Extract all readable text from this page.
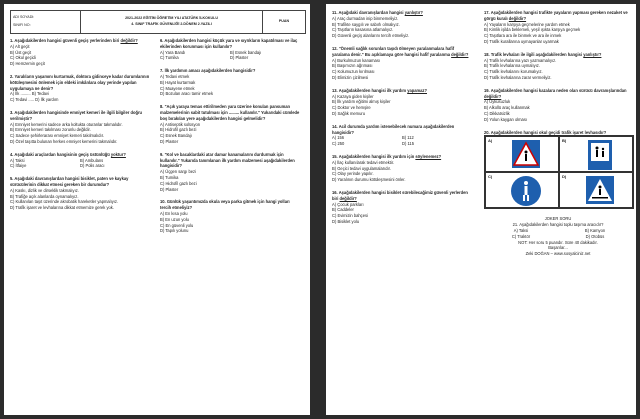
ADI SOYADI:
SINIFI NO:
2021-2022 EĞİTİM ÖĞRETİM YILI ATATÜRK İLKOKULU
4. SINIF TRAFİK GÜVENLİĞİ 2.DÖNEM 2.YAZILI
PUAN
1. Aşağıdakilerden hangisi güvenli geçiş yerlerinden biri değildir?
A) Alt geçit
B) Üst geçit
C) Okul geçidi
D) Hemzemin geçit
2. Yaralıların yaşamını kurtarmak, doktora gidinceye kadar durumlarının kötüleşmesini önlemek için eldeki imkânlara olay yerinde yapılan uygulamaya ne denir?
A) İlk ......... B) Tedavi
C) Tedavi ..... D) İlk yardım
3. Aşağıdakilerden hangisinde emniyet kemeri ile ilgili bilgiler doğru verilmiştir?
A) Emniyet kemerini sadece arka koltukta oturanlar takmalıdır.
B) Emniyet kemeri takılması zorunlu değildir.
C) Sadece şehirlerarası emniyet kemeri takılmalıdır.
D) Özel taşıtta bulunan herkes emniyet kemerini takmalıdır.
4. Aşağıdaki araçlardan hangisinin geçiş üstünlüğü yoktur?
A) Taksi	B) Ambulans
C) İtfaiye	D) Polis aracı
5. Aşağıdaki davranışlardan hangisi bisiklet, paten ve kaykay sürücülerinin dikkat etmesi gereken bir durumdur?
A) Kaskı, dizlik ve dirseklik takmalıyız.
B) Trafiğe açık alanlarda oynamalıyız.
C) Kullanılan taşıt üzerinde akrobatik hareketler yapmalıyız.
D) Trafik işaret ve levhalarına dikkat etmemize gerek yok.
6. Aşağıdakilerden hangisi küçük yara ve sıyrıkların kapatılması ve ilaç ekilerinden korunması için kullanılır?
A) Yara Bandı	B) Esnek bandajı
C) Tumika	D) Plaster
7. İlk yardımın amacı aşağıdakilerden hangisidir?
A) Tedavi etmek
B) Hayat kurtarmak
C) Muayene etmek
D) Bozulan aracı tamir etmek
8. "Açık yaraya temas ettirilmeden yara üzerine konulan pansuman malzemelerinin sabit tutulması için ......... kullanılır." Yukarıdaki cümlede boş bırakılan yere aşağıdakilerden hangisi gelmelidir?
A) Antiseptik solüsyon
B) Hidrofil gazlı bezi
C) Esnek Bandajı
D) Plaster
9. "Kol ve bacaklardaki atar damar kanamalarını durdurmak için kullanılır." Yukarıda tanımlanan ilk yardım malzemesi aşağıdakilerden hangisidir?
A) Üçgen sargı bezi
B) Tumika
C) Hidrofil gazlı bezi
D) Plaster
10. Günlük yaşantımızda okula veya parka gitmek için hangi yolları tercih etmeliyiz?
A) En kısa yolu
B) En uzun yolu
C) En güvenli yolu
D) Tapılı yolunu
11. Aşağıdaki davranışlardan hangisi yanlıştır?
A) Araç durmadan inip binmemeliyiz.
B) Trafikte saygılı ve sabırlı olmalıyız.
C) Taşıtların kasasına atlamalıyız.
D) Güvenli geçiş alanlarını tercih etmeliyiz.
12. "Önemli sağlık sorunları taşıdı ölmeyen yaralanmalara hafif yaralama denir." Bu açıklamaya göre hangisi hafif yaralanma değildir?
A) Burkulmuzun kanaması
B) Başımızın ağrıması
C) Kolumuzun kırılması
D) Elimizin çizilmesi
13. Aşağıdakilerden hangisi ilk yardım yapamaz?
A) Kazaya giden kişiler
B) İlk yardım eğitimi almış kişiler
C) Doktor ve hemşire
D) Sağlık memuru
14. Acil durumda yardım istenebilecek numara aşağıdakilerden hangisidir?
A) 156	B) 112
C) 250	D) 115
15. Aşağıdakilerden hangisi ilk yardım için söylenemez?
A) İlaç kullanılarak tedavi etmektir.
B) Geçici tedavi uygulamalarıdır.
C) Olay yerinde yapılır.
D) Yaralının durumu kötüleşmesini önler.
16. Aşağıdakilerden hangisi bisiklet sürebilecağimiz güvenli yerlerden biri değildir?
A) Çocuk parkları
B) Caddeler
C) Evimizin bahçesi
D) Bisiklet yolu
17. Aşağıdakilerden hangisi trafikte yayaların yapması gereken nezaket ve görgü kuralı değildir?
A) Yayaların karşıya geçmelerine yardım etmek
B) Kimlik işilda beklemeli, yeşil ışıkta karşıya geçmek
C) Taşıtlara ara ile binmek ve ara ile inmek
D) Trafik kurallarına uymayanlar uyarmak
18. Trafik levhaları ile ilgili aşağıdakilerden hangisi yanlıştır?
A) Trafik levhalarına yazı yazmamalıyız.
B) Trafik levhalarına uymalıyız.
C) Trafik levhalarını korumalıyız.
D) Trafik levhalarına zarar vermeliyiz.
19. Aşağıdakilerden hangisi kazalara neden olan sürücü davranışlarından değildir?
A) Uykusuzluk
B) Alkollü araç kullanmak
C) Dikkatsizlik
D) Yolun kaygan olması
20. Aşağıdakilerden hangisi okul geçidi trafik işaret levhasıdır?
A)	B)
C)	D)
JOKER SORU
21. Aşağıdakilerden hangisi toplu taşıma aracıdır?
A) Taksi	B) Kamyon
C) Traktör	D) Otobüs
NOT: Her soru 5 puandır. Süre 40 dakikadır.
Başarılar...
Zeki DOĞAN – www.sosyalciniz.net
